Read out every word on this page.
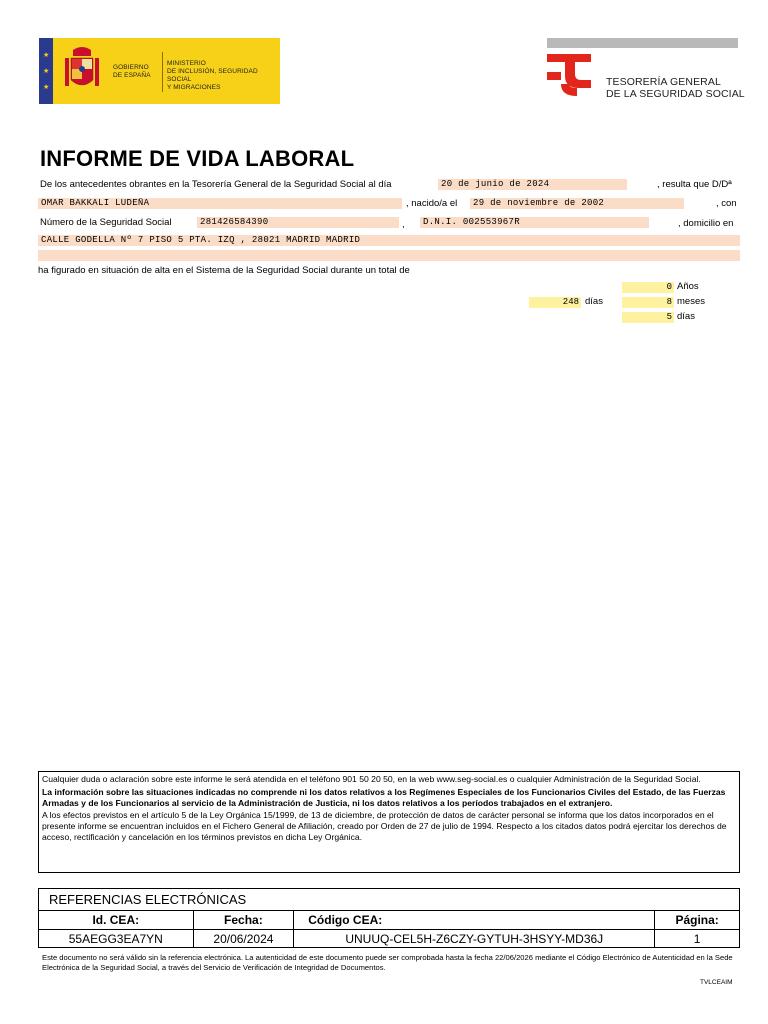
★
★
★
GOBIERNO
DE ESPAÑA
MINISTERIO
DE INCLUSIÓN, SEGURIDAD SOCIAL
Y MIGRACIONES	TESORERÍA GENERAL
DE LA SEGURIDAD SOCIAL
INFORME DE VIDA LABORAL
De los antecedentes obrantes en la Tesorería General de la Seguridad Social al día	20 de junio de 2024	, resulta que D/Dª
OMAR BAKKALI LUDEÑA	, nacido/a el	29 de noviembre de 2002	, con
Número de la Seguridad Social	281426584390	,	D.N.I. 002553967R	, domicilio en
CALLE GODELLA Nº 7 PISO 5 PTA. IZQ , 28021 MADRID MADRID
ha figurado en situación de alta en el Sistema de la Seguridad Social durante un total de
0 Años
248 días	8 meses
5 días

Cualquier duda o aclaración sobre este informe le será atendida en el teléfono 901 50 20 50, en la web www.seg-social.es o cualquier Administración de la Seguridad Social.

La información sobre las situaciones indicadas no comprende ni los datos relativos a los Regímenes Especiales de los Funcionarios Civiles del Estado, de las Fuerzas Armadas y de los Funcionarios al servicio de la Administración de Justicia, ni los datos relativos a los períodos trabajados en el extranjero.

A los efectos previstos en el artículo 5 de la Ley Orgánica 15/1999, de 13 de diciembre, de protección de datos de carácter personal se informa que los datos incorporados en el presente informe se encuentran incluidos en el Fichero General de Afiliación, creado por Orden de 27 de julio de 1994. Respecto a los citados datos podrá ejercitar los derechos de acceso, rectificación y cancelación en los términos previstos en dicha Ley Orgánica.

REFERENCIAS ELECTRÓNICAS
Id. CEA:	Fecha:	Código CEA:	Página:
55AEGG3EA7YN	20/06/2024	UNUUQ-CEL5H-Z6CZY-GYTUH-3HSYY-MD36J	1
Este documento no será válido sin la referencia electrónica. La autenticidad de este documento puede ser comprobada hasta la fecha 22/06/2026 mediante el Código Electrónico de Autenticidad en la Sede Electrónica de la Seguridad Social, a través del Servicio de Verificación de Integridad de Documentos.
TVLCEAIM
